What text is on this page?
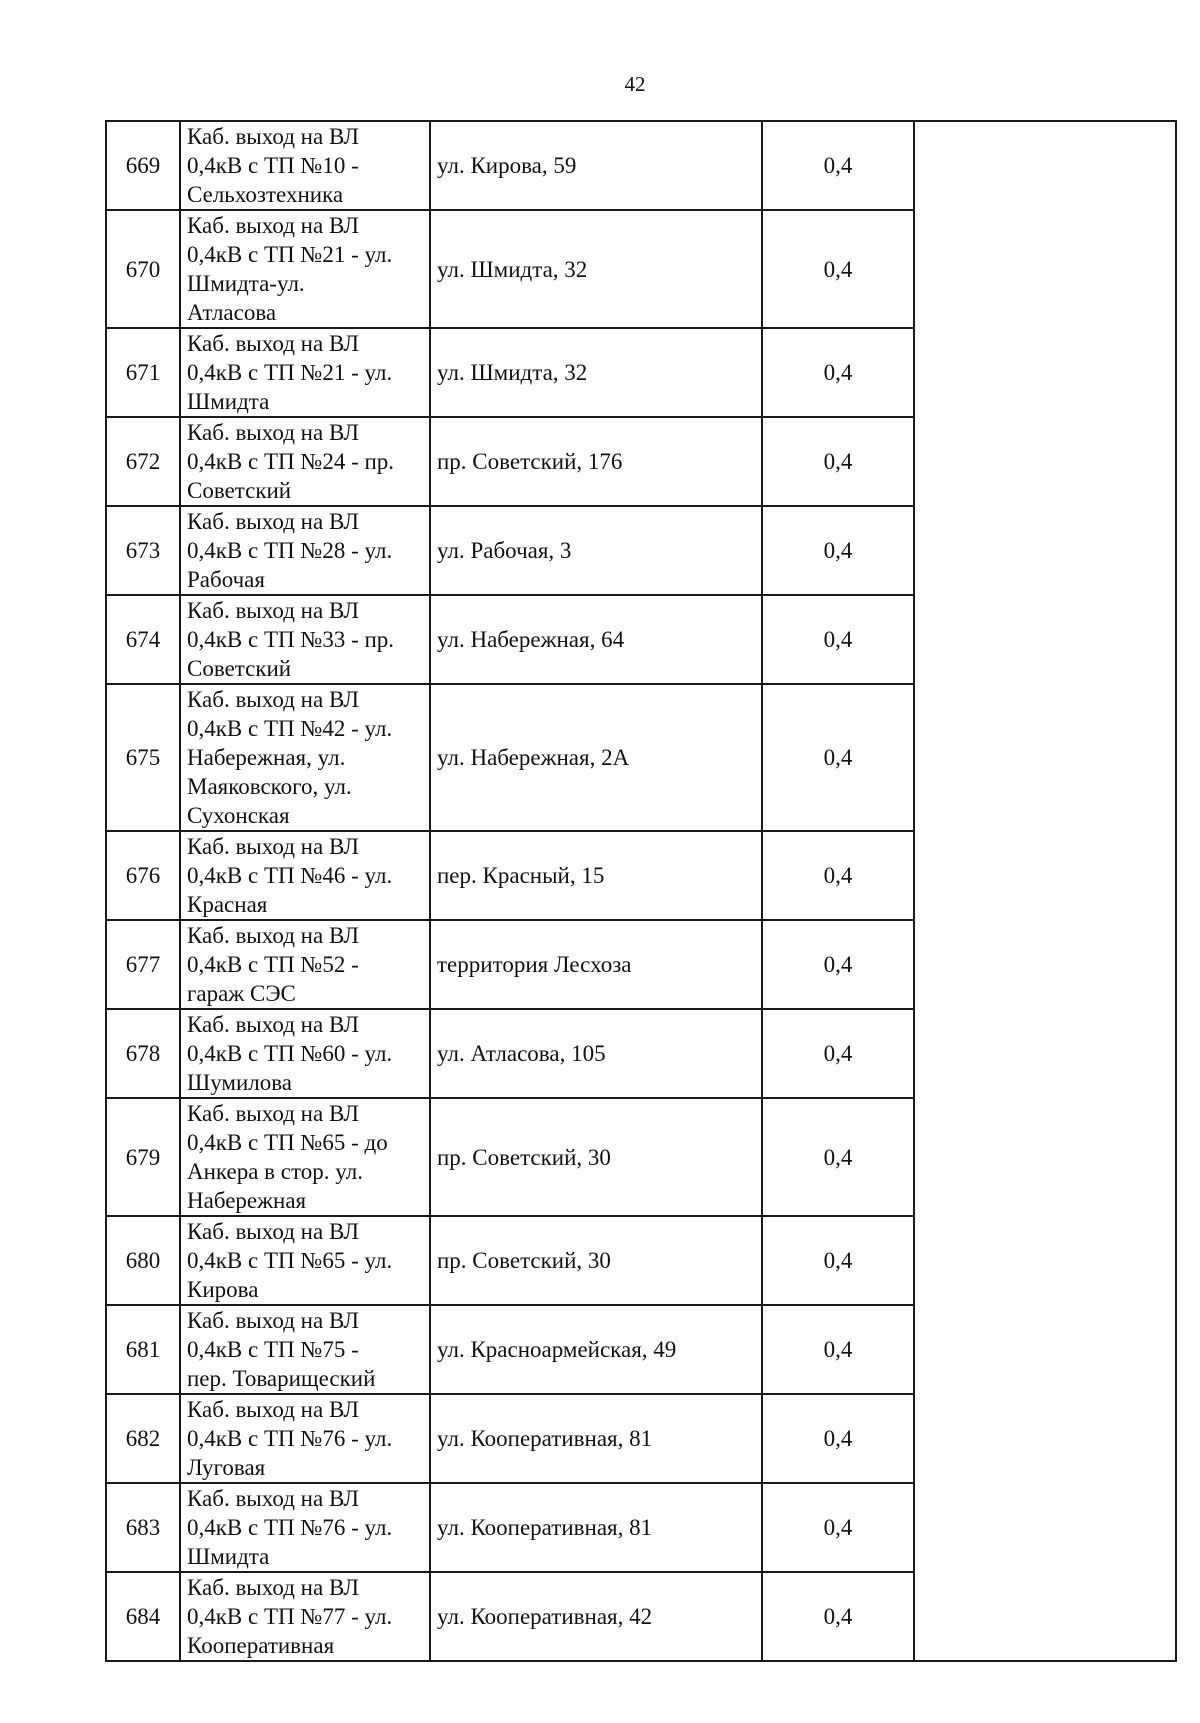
42
669	Каб. выход на ВЛ
0,4кВ с ТП №10 -
Сельхозтехника	ул. Кирова, 59	0,4	
670	Каб. выход на ВЛ
0,4кВ с ТП №21 - ул.
Шмидта-ул.
Атласова	ул. Шмидта, 32	0,4	
671	Каб. выход на ВЛ
0,4кВ с ТП №21 - ул.
Шмидта	ул. Шмидта, 32	0,4	
672	Каб. выход на ВЛ
0,4кВ с ТП №24 - пр.
Советский	пр. Советский, 176	0,4	
673	Каб. выход на ВЛ
0,4кВ с ТП №28 - ул.
Рабочая	ул. Рабочая, 3	0,4	
674	Каб. выход на ВЛ
0,4кВ с ТП №33 - пр.
Советский	ул. Набережная, 64	0,4	
675	Каб. выход на ВЛ
0,4кВ с ТП №42 - ул.
Набережная, ул.
Маяковского, ул.
Сухонская	ул. Набережная, 2А	0,4	
676	Каб. выход на ВЛ
0,4кВ с ТП №46 - ул.
Красная	пер. Красный, 15	0,4	
677	Каб. выход на ВЛ
0,4кВ с ТП №52 -
гараж СЭС	территория Лесхоза	0,4	
678	Каб. выход на ВЛ
0,4кВ с ТП №60 - ул.
Шумилова	ул. Атласова, 105	0,4	
679	Каб. выход на ВЛ
0,4кВ с ТП №65 - до
Анкера в стор. ул.
Набережная	пр. Советский, 30	0,4	
680	Каб. выход на ВЛ
0,4кВ с ТП №65 - ул.
Кирова	пр. Советский, 30	0,4	
681	Каб. выход на ВЛ
0,4кВ с ТП №75 -
пер. Товарищеский	ул. Красноармейская, 49	0,4	
682	Каб. выход на ВЛ
0,4кВ с ТП №76 - ул.
Луговая	ул. Кооперативная, 81	0,4	
683	Каб. выход на ВЛ
0,4кВ с ТП №76 - ул.
Шмидта	ул. Кооперативная, 81	0,4	
684	Каб. выход на ВЛ
0,4кВ с ТП №77 - ул.
Кооперативная	ул. Кооперативная, 42	0,4	
